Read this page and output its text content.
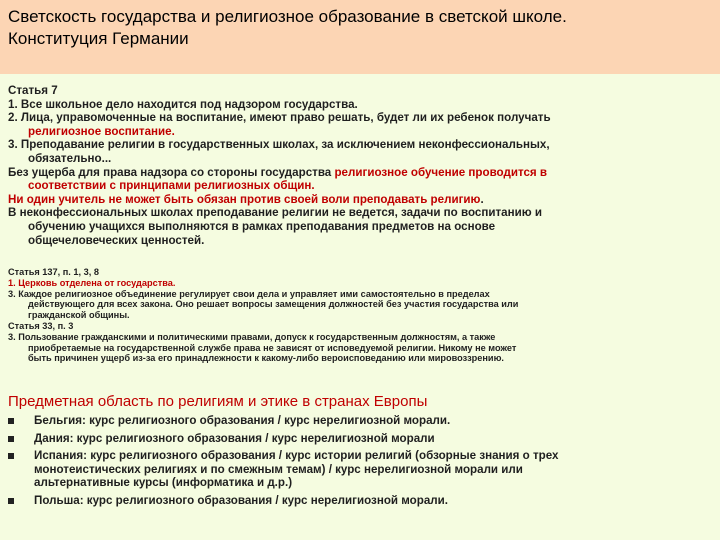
Светскость государства и религиозное образование в светской школе.
Конституция Германии

Статья 7

1. Все школьное дело находится под надзором государства.

2. Лица, управомоченные на воспитание, имеют право решать, будет ли их ребенок получать

религиозное воспитание.

3. Преподавание религии в государственных школах, за исключением неконфессиональных,

обязательно...

Без ущерба для права надзора со стороны государства религиозное обучение проводится в

соответствии с принципами религиозных общин.

Ни один учитель не может быть обязан против своей воли преподавать религию.

В неконфессиональных школах преподавание религии не ведется, задачи по воспитанию и

обучению учащихся выполняются в рамках преподавания предметов на основе

общечеловеческих ценностей.

Статья 137, п. 1, 3, 8

1. Церковь отделена от государства.

3. Каждое религиозное объединение регулирует свои дела и управляет ими самостоятельно в пределах

действующего для всех закона. Оно решает вопросы замещения должностей без участия государства или

гражданской общины.

Статья 33, п. 3

3. Пользование гражданскими и политическими правами, допуск к государственным должностям, а также

приобретаемые на государственной службе права не зависят от исповедуемой религии. Никому не может

быть причинен ущерб из-за его принадлежности к какому-либо вероисповеданию или мировоззрению.

Предметная область по религиям и этике в странах Европы
Бельгия: курс религиозного образования / курс нерелигиозной морали.
Дания: курс религиозного образования / курс нерелигиозной морали
Испания: курс религиозного образования / курс истории религий (обзорные знания о трех
монотеистических религиях и по смежным темам) / курс нерелигиозной морали или
альтернативные курсы (информатика и д.р.)
Польша: курс религиозного образования / курс нерелигиозной морали.
